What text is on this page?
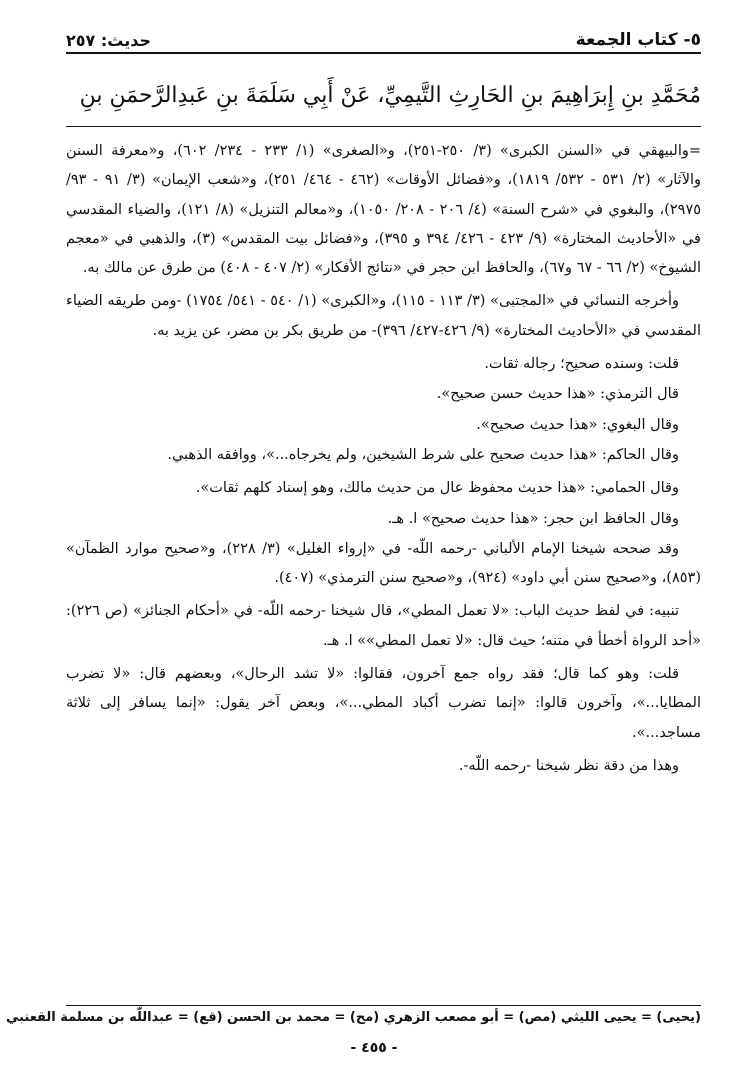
٥- كتاب الجمعة
حديث: ٢٥٧
مُحَمَّدِ بنِ إِبرَاهِيمَ بنِ الحَارِثِ التَّيمِيِّ، عَنْ أَبِي سَلَمَةَ بنِ عَبدِالرَّحمَنِ بنِ

=والبيهقي في «السنن الكبرى» (٣/ ٢٥٠-٢٥١)، و«الصغرى» (١/ ٢٣٣ - ٢٣٤/ ٦٠٢)، و«معرفة السنن والآثار» (٢/ ٥٣١ - ٥٣٢/ ١٨١٩)، و«فضائل الأوقات» (٤٦٢ - ٤٦٤/ ٢٥١)، و«شعب الإيمان» (٣/ ٩١ - ٩٣/ ٢٩٧٥)، والبغوي في «شرح السنة» (٤/ ٢٠٦ - ٢٠٨/ ١٠٥٠)، و«معالم التنزيل» (٨/ ١٢١)، والضياء المقدسي في «الأحاديث المختارة» (٩/ ٤٢٣ - ٤٢٦/ ٣٩٤ و ٣٩٥)، و«فضائل بيت المقدس» (٣)، والذهبي في «معجم الشيوخ» (٢/ ٦٦ - ٦٧ و٦٧)، والحافظ ابن حجر في «نتائج الأفكار» (٢/ ٤٠٧ - ٤٠٨) من طرق عن مالك به.

وأخرجه النسائي في «المجتبى» (٣/ ١١٣ - ١١٥)، و«الكبرى» (١/ ٥٤٠ - ٥٤١/ ١٧٥٤) -ومن طريقه الضياء المقدسي في «الأحاديث المختارة» (٩/ ٤٢٦-٤٢٧/ ٣٩٦)- من طريق بكر بن مضر، عن يزيد به.

قلت: وسنده صحيح؛ رجاله ثقات.

قال الترمذي: «هذا حديث حسن صحيح».

وقال البغوي: «هذا حديث صحيح».

وقال الحاكم: «هذا حديث صحيح على شرط الشيخين، ولم يخرجاه...»، ووافقه الذهبي.

وقال الحمامي: «هذا حديث محفوظ عال من حديث مالك، وهو إسناد كلهم ثقات».

وقال الحافظ ابن حجر: «هذا حديث صحيح» ا. هـ.

وقد صححه شيخنا الإمام الألباني -رحمه اللّه- في «إرواء الغليل» (٣/ ٢٢٨)، و«صحيح موارد الظمآن» (٨٥٣)، و«صحيح سنن أبي داود» (٩٢٤)، و«صحيح سنن الترمذي» (٤٠٧).

تنبيه: في لفظ حديث الباب: «لا تعمل المطي»، قال شيخنا -رحمه اللّه- في «أحكام الجنائز» (ص ٢٢٦): «أحد الرواة أخطأ في متنه؛ حيث قال: «لا تعمل المطي»» ا. هـ.

قلت: وهو كما قال؛ فقد رواه جمع آخرون، فقالوا: «لا تشد الرحال»، وبعضهم قال: «لا تضرب المطايا...»، وآخرون قالوا: «إنما تضرب أكباد المطي...»، وبعض آخر يقول: «إنما يسافر إلى ثلاثة مساجد...».

وهذا من دقة نظر شيخنا -رحمه اللّه-.

(يحيى) = يحيى الليثي (مص) = أبو مصعب الزهري (مح) = محمد بن الحسن (قع) = عبداللّه بن مسلمة القعنبي
- ٤٥٥ -
